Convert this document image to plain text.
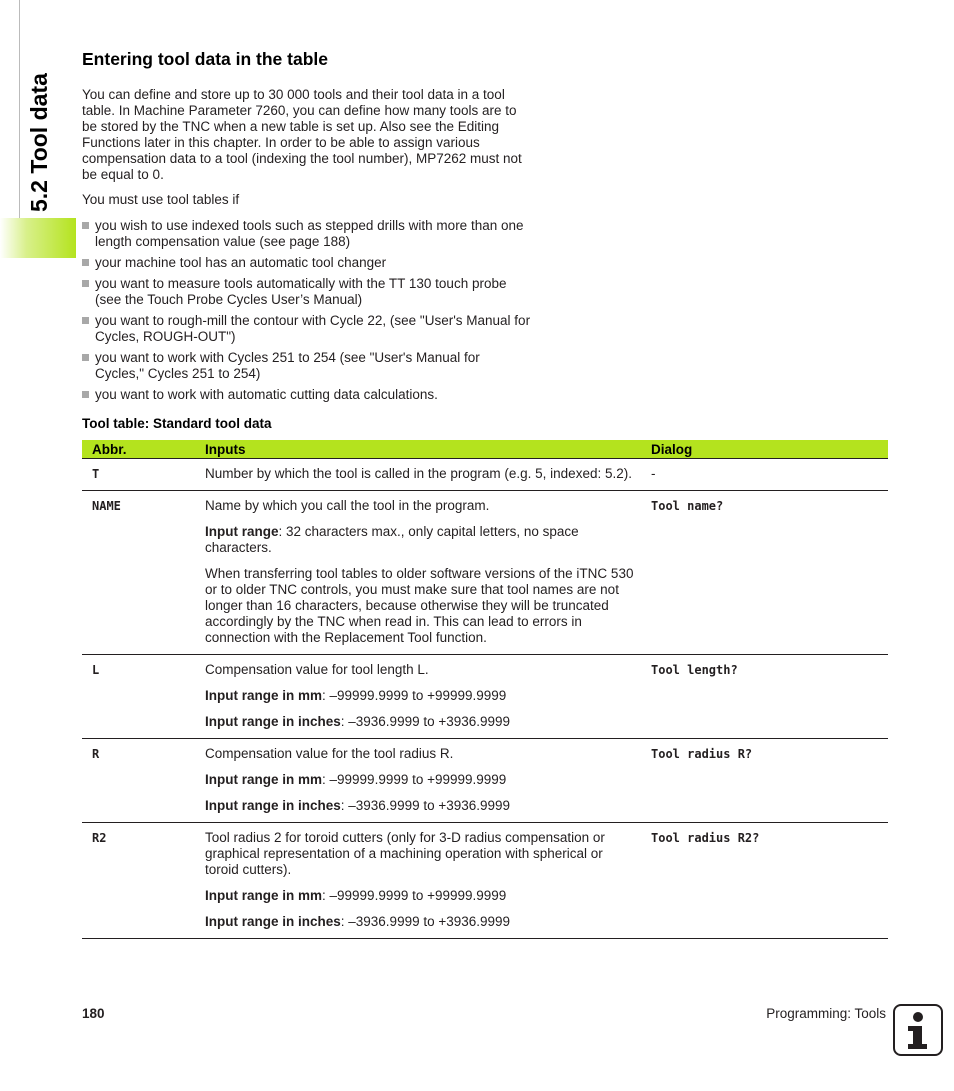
5.2 Tool data
Entering tool data in the table

You can define and store up to 30 000 tools and their tool data in a tool table. In Machine Parameter 7260, you can define how many tools are to be stored by the TNC when a new table is set up. Also see the Editing Functions later in this chapter. In order to be able to assign various compensation data to a tool (indexing the tool number), MP7262 must not be equal to 0.

You must use tool tables if

you wish to use indexed tools such as stepped drills with more than one length compensation value (see page 188)
your machine tool has an automatic tool changer
you want to measure tools automatically with the TT 130 touch probe (see the Touch Probe Cycles User’s Manual)
you want to rough-mill the contour with Cycle 22, (see "User's Manual for Cycles, ROUGH-OUT")
you want to work with Cycles 251 to 254 (see "User's Manual for Cycles," Cycles 251 to 254)
you want to work with automatic cutting data calculations.

Tool table: Standard tool data

Abbr.	Inputs	Dialog
T	Number by which the tool is called in the program (e.g. 5, indexed: 5.2).	-
NAME	Name by which you call the tool in the program.

Input range: 32 characters max., only capital letters, no space characters.

When transferring tool tables to older software versions of the iTNC 530 or to older TNC controls, you must make sure that tool names are not longer than 16 characters, because otherwise they will be truncated accordingly by the TNC when read in. This can lead to errors in connection with the Replacement Tool function.	Tool name?
L	Compensation value for tool length L.

Input range in mm: –99999.9999 to +99999.9999

Input range in inches: –3936.9999 to +3936.9999	Tool length?
R	Compensation value for the tool radius R.

Input range in mm: –99999.9999 to +99999.9999

Input range in inches: –3936.9999 to +3936.9999	Tool radius R?
R2	Tool radius 2 for toroid cutters (only for 3-D radius compensation or graphical representation of a machining operation with spherical or toroid cutters).

Input range in mm: –99999.9999 to +99999.9999

Input range in inches: –3936.9999 to +3936.9999	Tool radius R2?
180	Programming: Tools
